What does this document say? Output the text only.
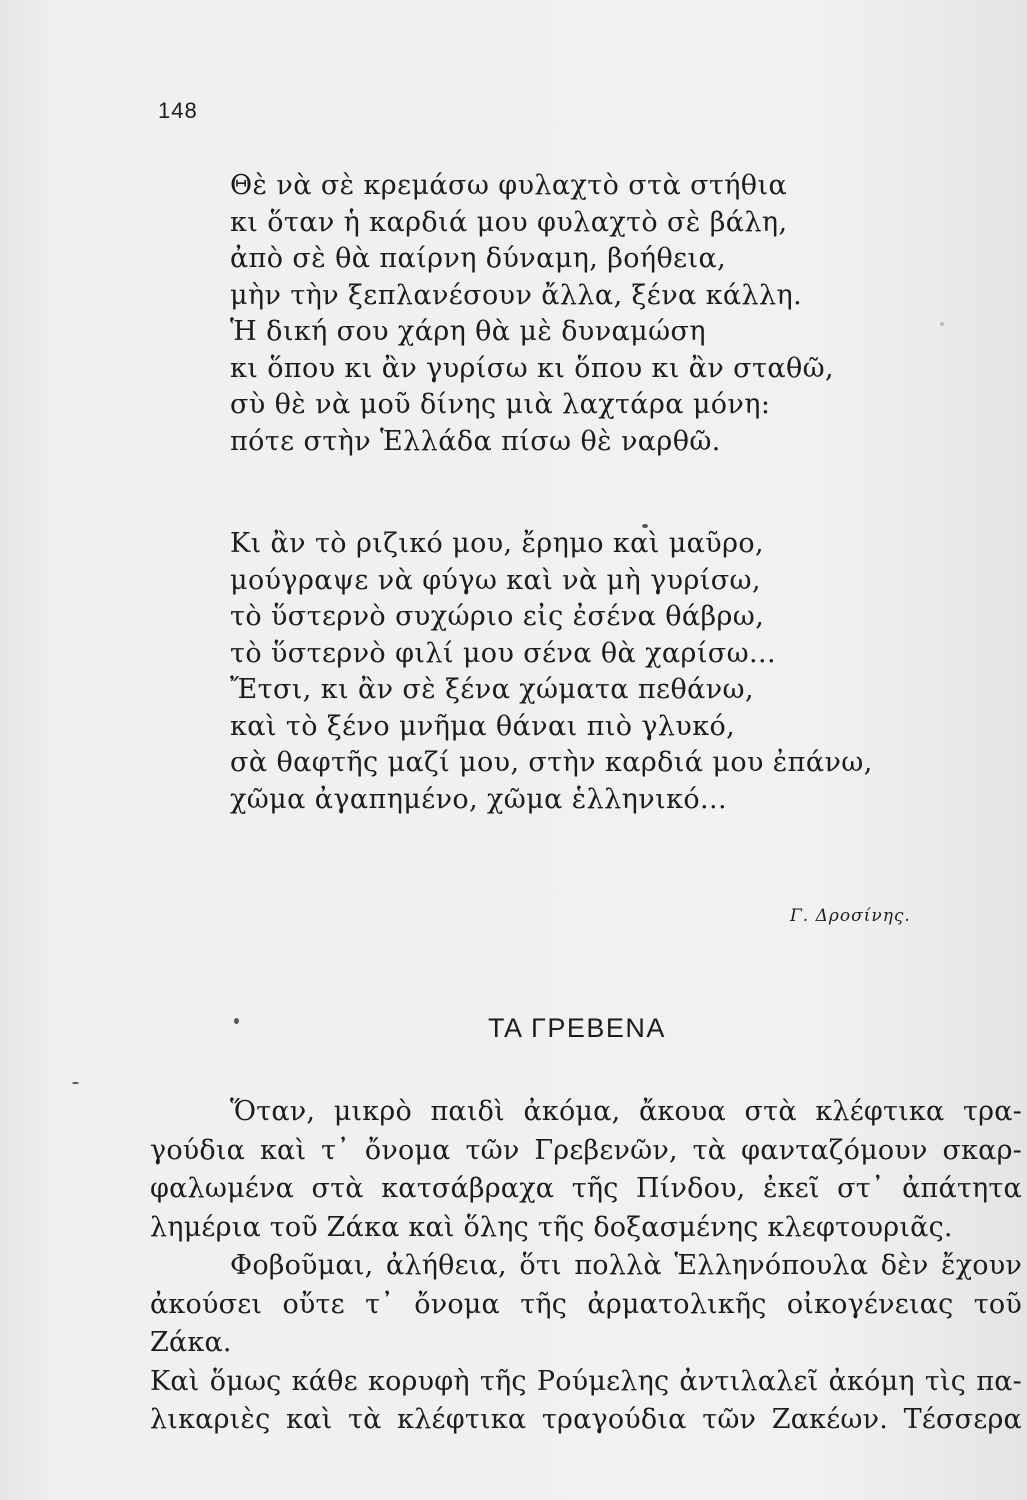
148
Θὲ νὰ σὲ κρεμάσω φυλαχτὸ στὰ στήθια
κι ὅταν ἡ καρδιά μου φυλαχτὸ σὲ βάλη,
ἀπὸ σὲ θὰ παίρνη δύναμη, βοήθεια,
μὴν τὴν ξεπλανέσουν ἄλλα, ξένα κάλλη.
Ἡ δική σου χάρη θὰ μὲ δυναμώση
κι ὅπου κι ἂν γυρίσω κι ὅπου κι ἂν σταθῶ,
σὺ θὲ νὰ μοῦ δίνης μιὰ λαχτάρα μόνη:
πότε στὴν Ἑλλάδα πίσω θὲ ναρθῶ.
Κι ἂν τὸ ριζικό μου, ἔρημο καὶ μαῦρο,
μούγραψε νὰ φύγω καὶ νὰ μὴ γυρίσω,
τὸ ὕστερνὸ συχώριο εἰς ἐσένα θάβρω,
τὸ ὕστερνὸ φιλί μου σένα θὰ χαρίσω...
Ἔτσι, κι ἂν σὲ ξένα χώματα πεθάνω,
καὶ τὸ ξένο μνῆμα θάναι πιὸ γλυκό,
σὰ θαφτῆς μαζί μου, στὴν καρδιά μου ἐπάνω,
χῶμα ἀγαπημένο, χῶμα ἑλληνικό...
Γ. Δροσίνης.
ΤΑ ΓΡΕΒΕΝΑ

Ὅταν, μικρὸ παιδὶ ἀκόμα, ἄκουα στὰ κλέφτικα τρα-

γούδια καὶ τ᾽ ὄνομα τῶν Γρεβενῶν, τὰ φανταζόμουν σκαρ-

φαλωμένα στὰ κατσάβραχα τῆς Πίνδου, ἐκεῖ στ᾽ ἀπάτητα

λημέρια τοῦ Ζάκα καὶ ὅλης τῆς δοξασμένης κλεφτουριᾶς.

Φοβοῦμαι, ἀλήθεια, ὅτι πολλὰ Ἑλληνόπουλα δὲν ἔχουν

ἀκούσει οὔτε τ᾽ ὄνομα τῆς ἀρματολικῆς οἰκογένειας τοῦ Ζάκα.

Καὶ ὅμως κάθε κορυφὴ τῆς Ρούμελης ἀντιλαλεῖ ἀκόμη τὶς πα-

λικαριὲς καὶ τὰ κλέφτικα τραγούδια τῶν Ζακέων. Τέσσερα
